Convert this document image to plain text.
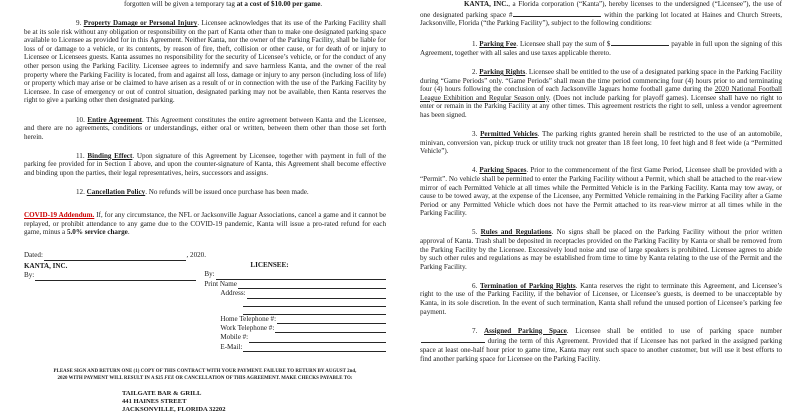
forgotten will be given a temporary tag at a cost of $10.00 per game.

9. Property Damage or Personal Injury. Licensee acknowledges that its use of the Parking Facility shall be at its sole risk without any obligation or responsibility on the part of Kanta other than to make one designated parking space available to Licensee as provided for in this Agreement. Neither Kanta, nor the owner of the Parking Facility, shall be liable for loss of or damage to a vehicle, or its contents, by reason of fire, theft, collision or other cause, or for death of or injury to Licensee or Licensees guests. Kanta assumes no responsibility for the security of Licensee’s vehicle, or for the conduct of any other person using the Parking Facility. Licensee agrees to indemnify and save harmless Kanta, and the owner of the real property where the Parking Facility is located, from and against all loss, damage or injury to any person (including loss of life) or property which may arise or be claimed to have arisen as a result of or in connection with the use of the Parking Facility by Licensee. In case of emergency or out of control situation, designated parking may not be available, then Kanta reserves the right to give a parking other then designated parking.

10. Entire Agreement. This Agreement constitutes the entire agreement between Kanta and the Licensee, and there are no agreements, conditions or understandings, either oral or written, between them other than those set forth herein.

11. Binding Effect. Upon signature of this Agreement by Licensee, together with payment in full of the parking fee provided for in Section 1 above, and upon the counter-signature of Kanta, this Agreement shall become effective and binding upon the parties, their legal representatives, heirs, successors and assigns.

12. Cancellation Policy. No refunds will be issued once purchase has been made.

COVID-19 Addendum. If, for any circumstance, the NFL or Jacksonville Jaguar Associations, cancel a game and it cannot be replayed, or prohibit attendance to any game due to the COVID-19 pandemic, Kanta will issue a pro-rated refund for each game, minus a 5.0% service charge.

Dated:	, 2020.
KANTA, INC.
By:
LICENSEE:
By:
Print Name
Address:
Home Telephone #:
Work Telephone #:
Mobile #:
E-Mail:
PLEASE SIGN AND RETURN ONE (1) COPY OF THIS CONTRACT WITH YOUR PAYMENT. FAILURE TO RETURN BY AUGUST 2nd,
2020 WITH PAYMENT WILL RESULT IN A $25 FEE OR CANCELLATION OF THIS AGREEMENT. MAKE CHECKS PAYABLE TO:
TAILGATE BAR & GRILL
441 HAINES STREET
JACKSONVILLE, FLORIDA 32202

KANTA, INC., a Florida corporation (“Kanta”), hereby licenses to the undersigned (“Licensee”), the use of one designated parking space #	within the parking lot located at Haines and Church Streets, Jacksonville, Florida (“the Parking Facility”), subject to the following conditions:

1. Parking Fee. Licensee shall pay the sum of $	payable in full upon the signing of this Agreement, together with all sales and use taxes applicable thereto.

2. Parking Rights. Licensee shall be entitled to the use of a designated parking space in the Parking Facility during “Game Periods” only. “Game Periods” shall mean the time period commencing four (4) hours prior to and terminating four (4) hours following the conclusion of each Jacksonville Jaguars home football game during the 2020 National Football League Exhibition and Regular Season only. (Does not include parking for playoff games). Licensee shall have no right to enter or remain in the Parking Facility at any other times. This agreement restricts the right to sell, unless a vendor agreement has been signed.

3. Permitted Vehicles. The parking rights granted herein shall be restricted to the use of an automobile, minivan, conversion van, pickup truck or utility truck not greater than 18 feet long, 10 feet high and 8 feet wide (a “Permitted Vehicle”).

4. Parking Spaces. Prior to the commencement of the first Game Period, Licensee shall be provided with a “Permit”. No vehicle shall be permitted to enter the Parking Facility without a Permit, which shall be attached to the rear-view mirror of each Permitted Vehicle at all times while the Permitted Vehicle is in the Parking Facility. Kanta may tow away, or cause to be towed away, at the expense of the Licensee, any Permitted Vehicle remaining in the Parking Facility after a Game Period or any Permitted Vehicle which does not have the Permit attached to its rear-view mirror at all times while in the Parking Facility.

5. Rules and Regulations. No signs shall be placed on the Parking Facility without the prior written approval of Kanta. Trash shall be deposited in receptacles provided on the Parking Facility by Kanta or shall be removed from the Parking Facility by the Licensee. Excessively loud noise and use of large speakers is prohibited. Licensee agrees to abide by such other rules and regulations as may be established from time to time by Kanta relating to the use of the Permit and the Parking Facility.

6. Termination of Parking Rights. Kanta reserves the right to terminate this Agreement, and Licensee’s right to the use of the Parking Facility, if the behavior of Licensee, or Licensee’s guests, is deemed to be unacceptable by Kanta, in its sole discretion. In the event of such termination, Kanta shall refund the unused portion of Licensee’s parking fee payment.

7. Assigned Parking Space. Licensee shall be entitled to use of parking space number  during the term of this Agreement. Provided that if Licensee has not parked in the assigned parking space at least one-half hour prior to game time, Kanta may rent such space to another customer, but will use it best efforts to find another parking space for Licensee on the Parking Facility.
